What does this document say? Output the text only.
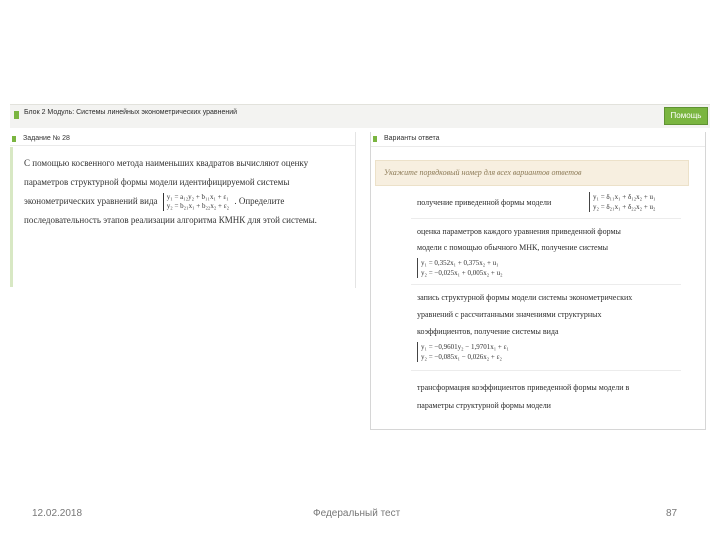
Блок 2 Модуль: Системы линейных эконометрических уравнений	Помощь
Задание № 28
С помощью косвенного метода наименьших квадратов вычисляют оценку
параметров структурной формы модели идентифицируемой системы
эконометрических уравнений вида y₁ = a₁₂y₂ + b₁₁x₁ + ε₁
y₂ = b₂₁x₁ + b₂₂x₂ + ε₂ . Определите
последовательность этапов реализации алгоритма КМНК для этой системы.
Варианты ответа
Укажите порядковый номер для всех вариантов ответов
получение приведенной формы модели
y₁ = δ₁₁x₁ + δ₁₂x₂ + u₁
y₂ = δ₂₁x₁ + δ₂₂x₂ + u₂
оценка параметров каждого уравнения приведенной формы
модели с помощью обычного МНК, получение системы
y₁ = 0,352x₁ + 0,375x₂ + u₁
y₂ = −0,025x₁ + 0,005x₂ + u₂
запись структурной формы модели системы эконометрических
уравнений с рассчитанными значениями структурных
коэффициентов, получение системы вида
y₁ = −0,9601y₂ − 1,9701x₁ + ε₁
y₂ = −0,085x₁ − 0,026x₂ + ε₂
трансформация коэффициентов приведенной формы модели в
параметры структурной формы модели
12.02.2018	Федеральный тест	87
